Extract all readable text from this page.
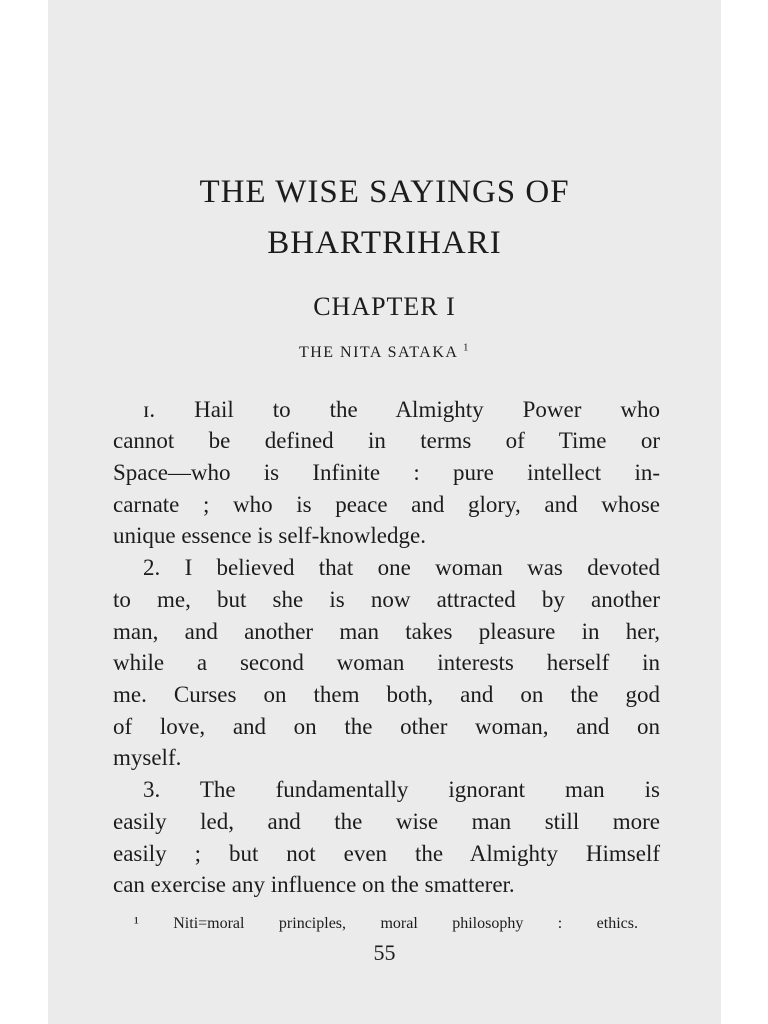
THE WISE SAYINGS OF
BHARTRIHARI
CHAPTER I
THE NITA SATAKA $^1$
ɪ. Hail to the Almighty Power who
cannot be defined in terms of Time or
Space—who is Infinite : pure intellect in-
carnate ; who is peace and glory, and whose
unique essence is self-knowledge.
2. I believed that one woman was devoted
to me, but she is now attracted by another
man, and another man takes pleasure in her,
while a second woman interests herself in
me. Curses on them both, and on the god
of love, and on the other woman, and on
myself.
3. The fundamentally ignorant man is
easily led, and the wise man still more
easily ; but not even the Almighty Himself
can exercise any influence on the smatterer.
¹ Niti=moral principles, moral philosophy : ethics.
55
